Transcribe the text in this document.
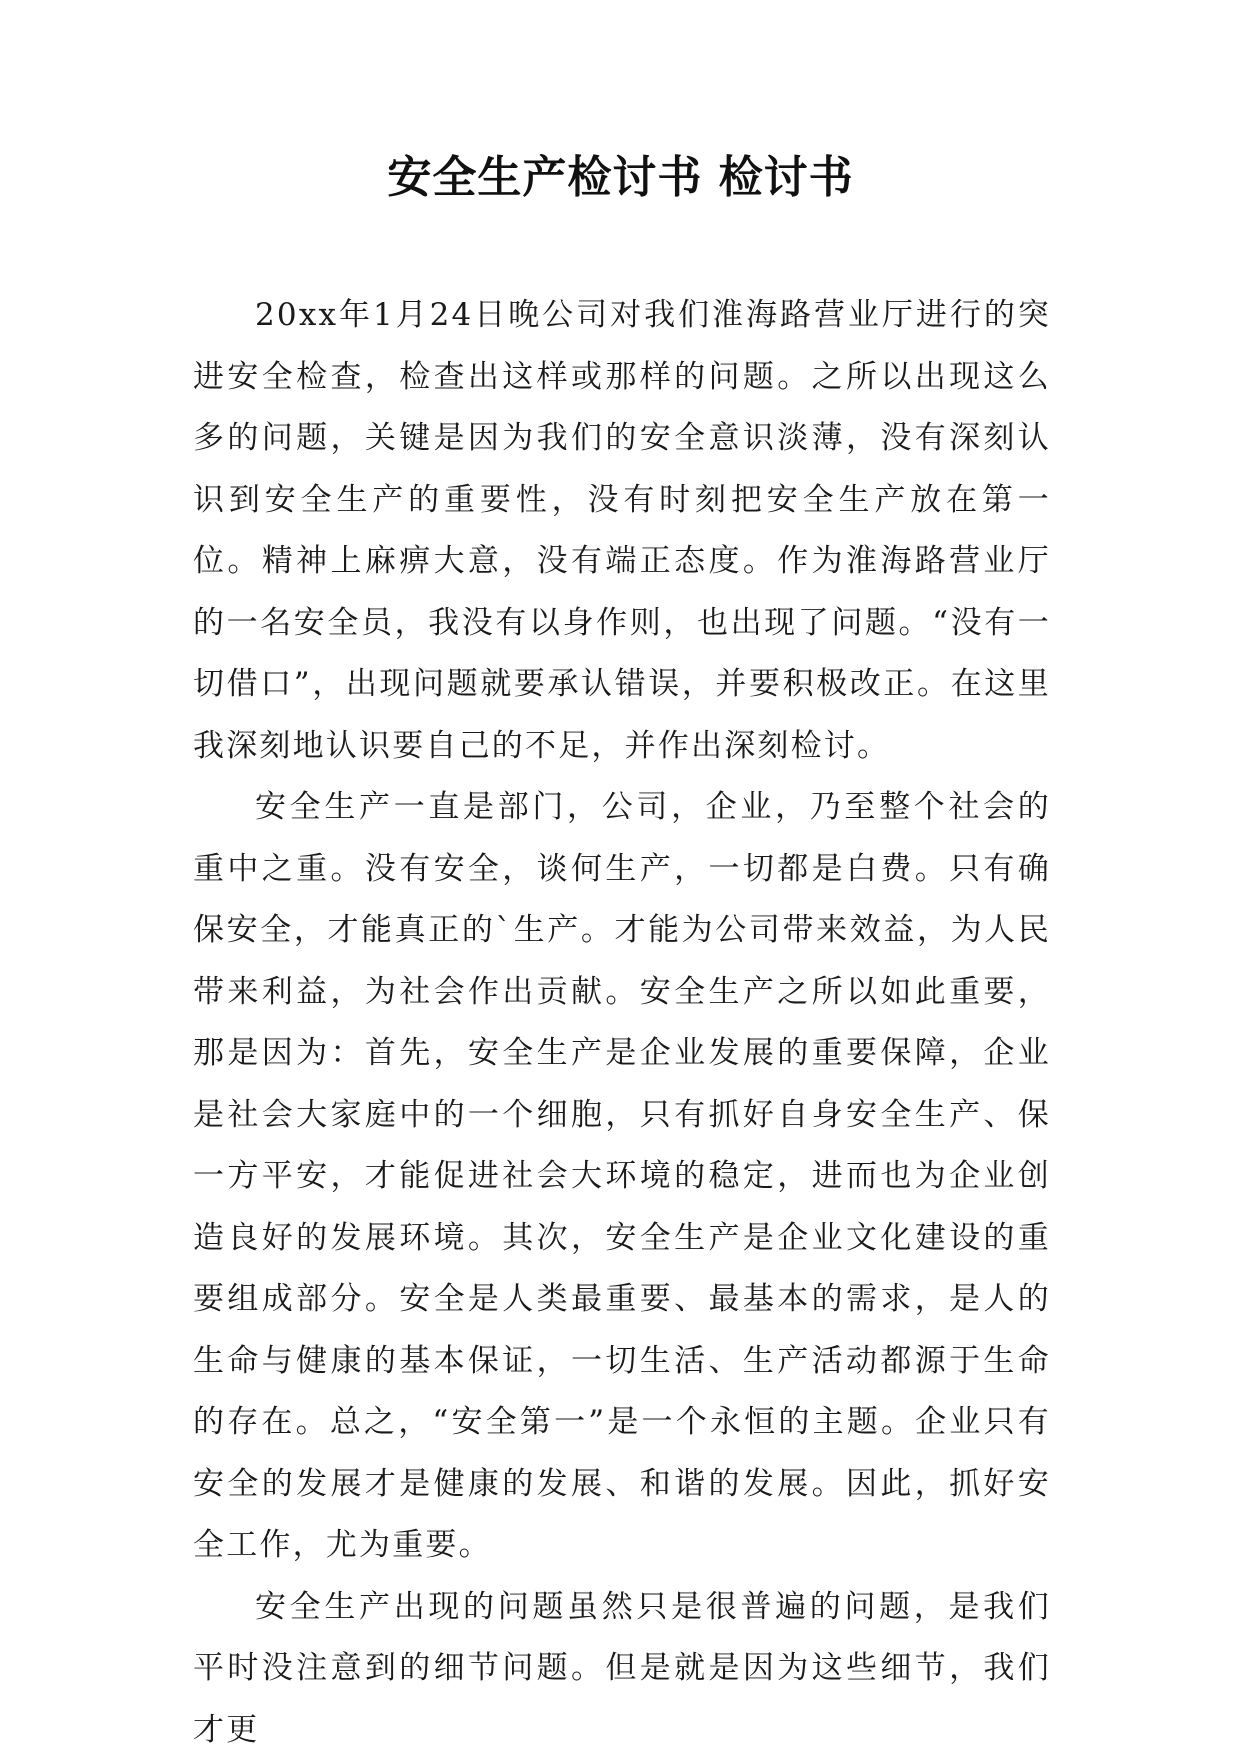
安全生产检讨书 检讨书

20xx年1月24日晚公司对我们淮海路营业厅进行的突进安全检查，检查出这样或那样的问题。之所以出现这么多的问题，关键是因为我们的安全意识淡薄，没有深刻认识到安全生产的重要性，没有时刻把安全生产放在第一位。精神上麻痹大意，没有端正态度。作为淮海路营业厅的一名安全员，我没有以身作则，也出现了问题。“没有一切借口”，出现问题就要承认错误，并要积极改正。在这里我深刻地认识要自己的不足，并作出深刻检讨。

安全生产一直是部门，公司，企业，乃至整个社会的重中之重。没有安全，谈何生产，一切都是白费。只有确保安全，才能真正的`生产。才能为公司带来效益，为人民带来利益，为社会作出贡献。安全生产之所以如此重要，那是因为：首先，安全生产是企业发展的重要保障，企业是社会大家庭中的一个细胞，只有抓好自身安全生产、保一方平安，才能促进社会大环境的稳定，进而也为企业创造良好的发展环境。其次，安全生产是企业文化建设的重要组成部分。安全是人类最重要、最基本的需求，是人的生命与健康的基本保证，一切生活、生产活动都源于生命的存在。总之，“安全第一”是一个永恒的主题。企业只有安全的发展才是健康的发展、和谐的发展。因此，抓好安全工作，尤为重要。

安全生产出现的问题虽然只是很普遍的问题，是我们平时没注意到的细节问题。但是就是因为这些细节，我们才更
